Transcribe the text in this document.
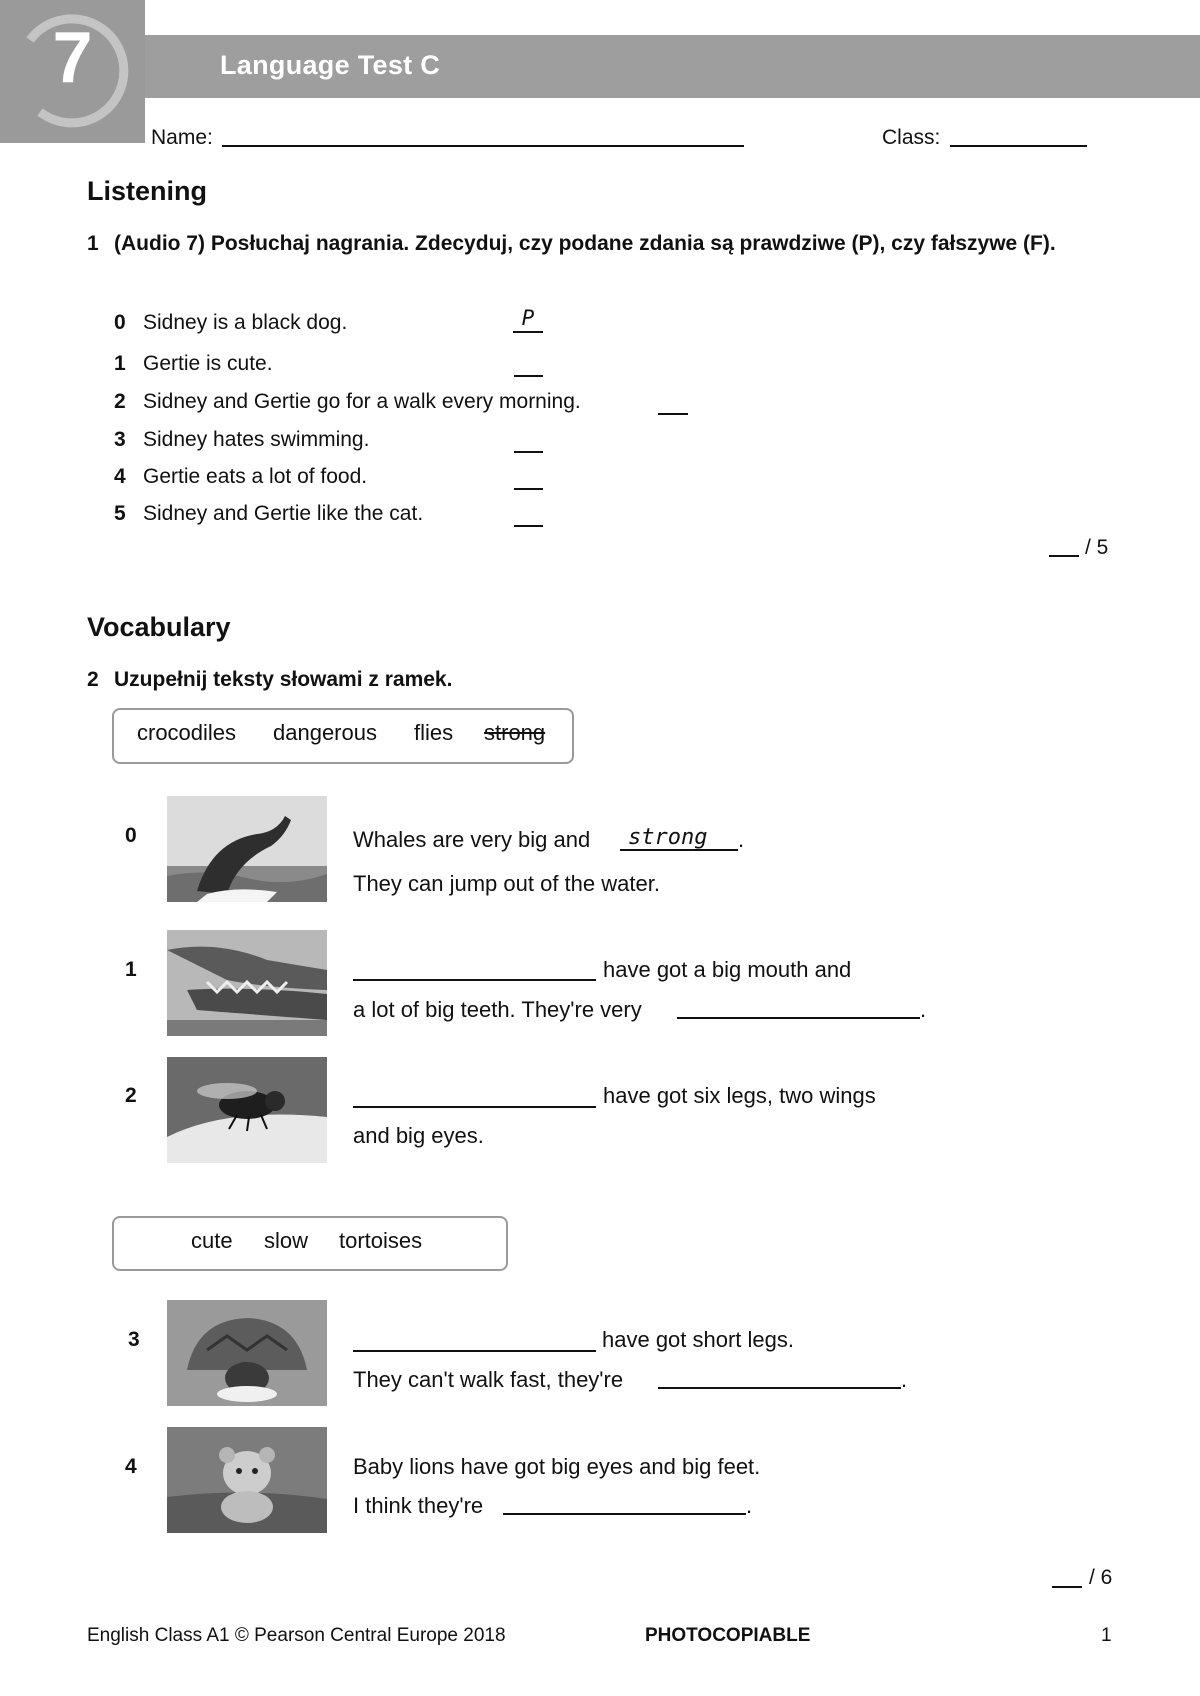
7	Language Test C
Name:	Class:
Listening
1 (Audio 7) Posłuchaj nagrania. Zdecyduj, czy podane zdania są prawdziwe (P), czy fałszywe (F).
0 Sidney is a black dog.	P
1 Gertie is cute.
2 Sidney and Gertie go for a walk every morning.
3 Sidney hates swimming.
4 Gertie eats a lot of food.
5 Sidney and Gertie like the cat.
/ 5
Vocabulary
2 Uzupełnij teksty słowami z ramek.
crocodiles dangerous flies strong
0	Whales are very big and	strong	.
They can jump out of the water.
1	have got a big mouth and
a lot of big teeth. They're very	.
2	have got six legs, two wings
and big eyes.
cute slow tortoises
3	have got short legs.
They can't walk fast, they're	.
4	Baby lions have got big eyes and big feet.
I think they're	.
/ 6
English Class A1 © Pearson Central Europe 2018	PHOTOCOPIABLE	1
